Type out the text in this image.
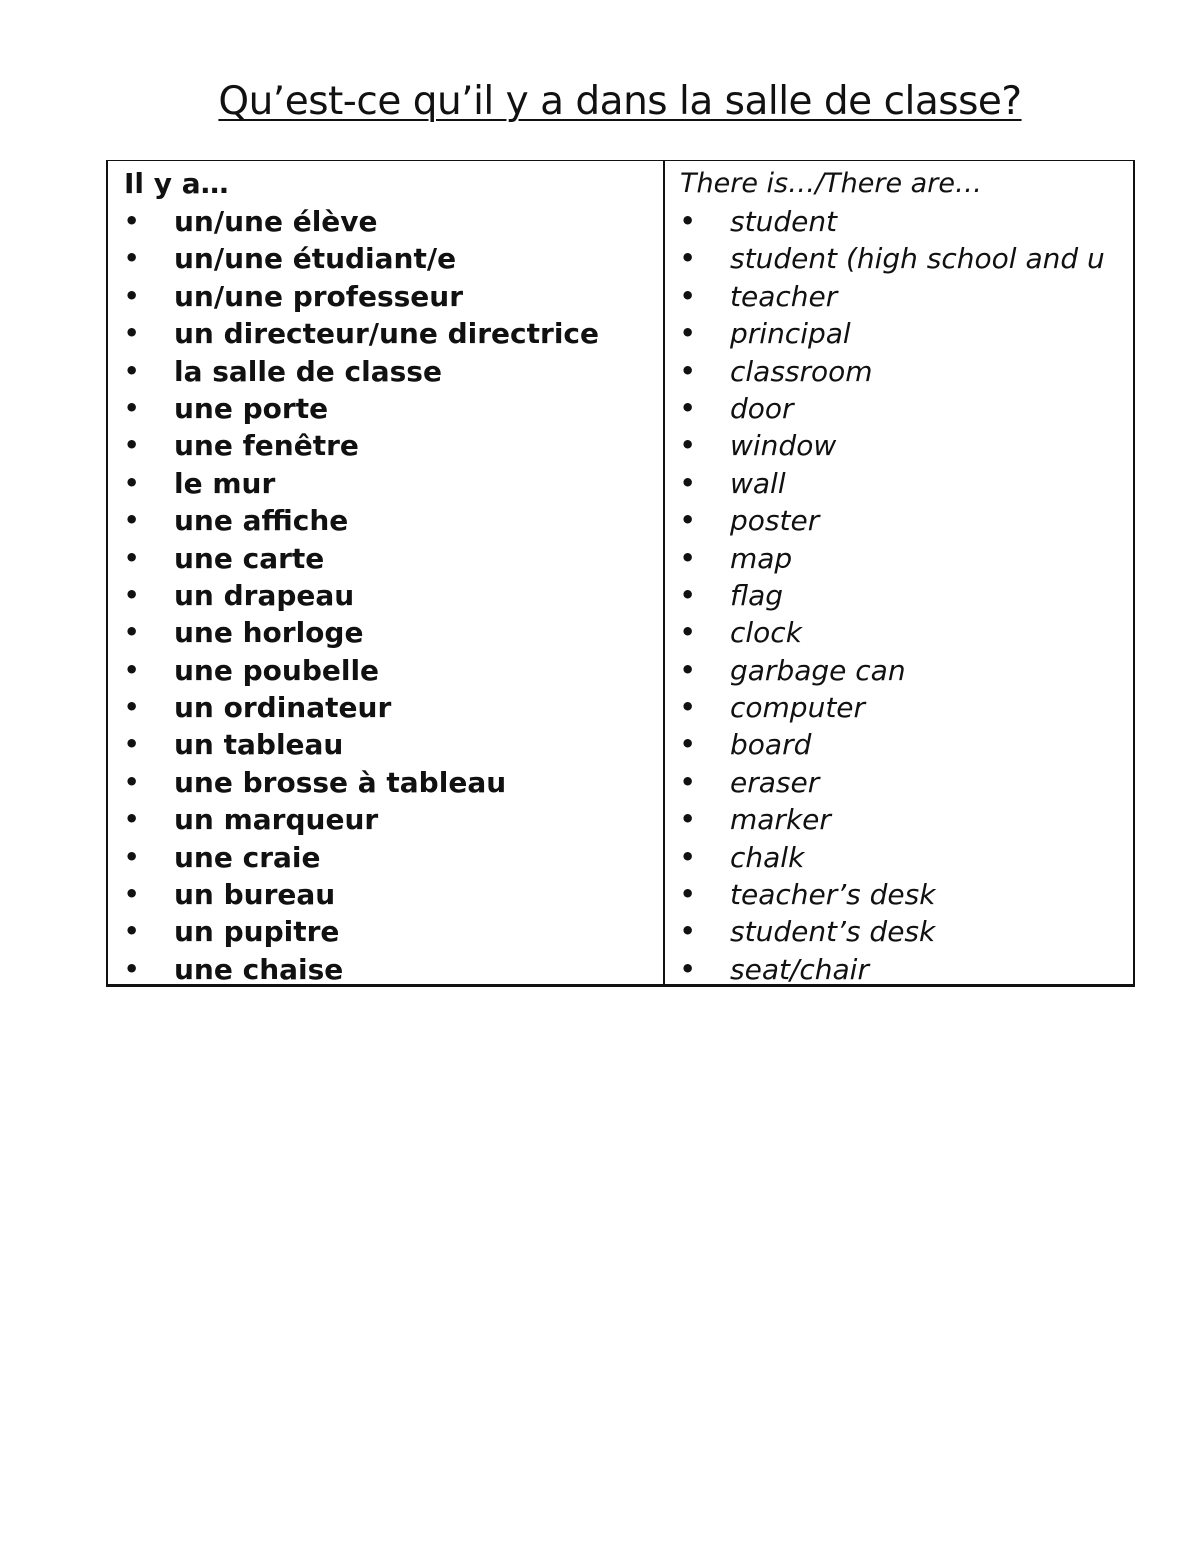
Qu’est-ce qu’il y a dans la salle de classe?
Il y a…
• un/une élève
• un/une étudiant/e
• un/une professeur
• un directeur/une directrice
• la salle de classe
• une porte
• une fenêtre
• le mur
• une affiche
• une carte
• un drapeau
• une horloge
• une poubelle
• un ordinateur
• un tableau
• une brosse à tableau
• un marqueur
• une craie
• un bureau
• un pupitre
• une chaise
There is…/There are…
• student
• student (high school and u
• teacher
• principal
• classroom
• door
• window
• wall
• poster
• map
• flag
• clock
• garbage can
• computer
• board
• eraser
• marker
• chalk
• teacher’s desk
• student’s desk
• seat/chair
